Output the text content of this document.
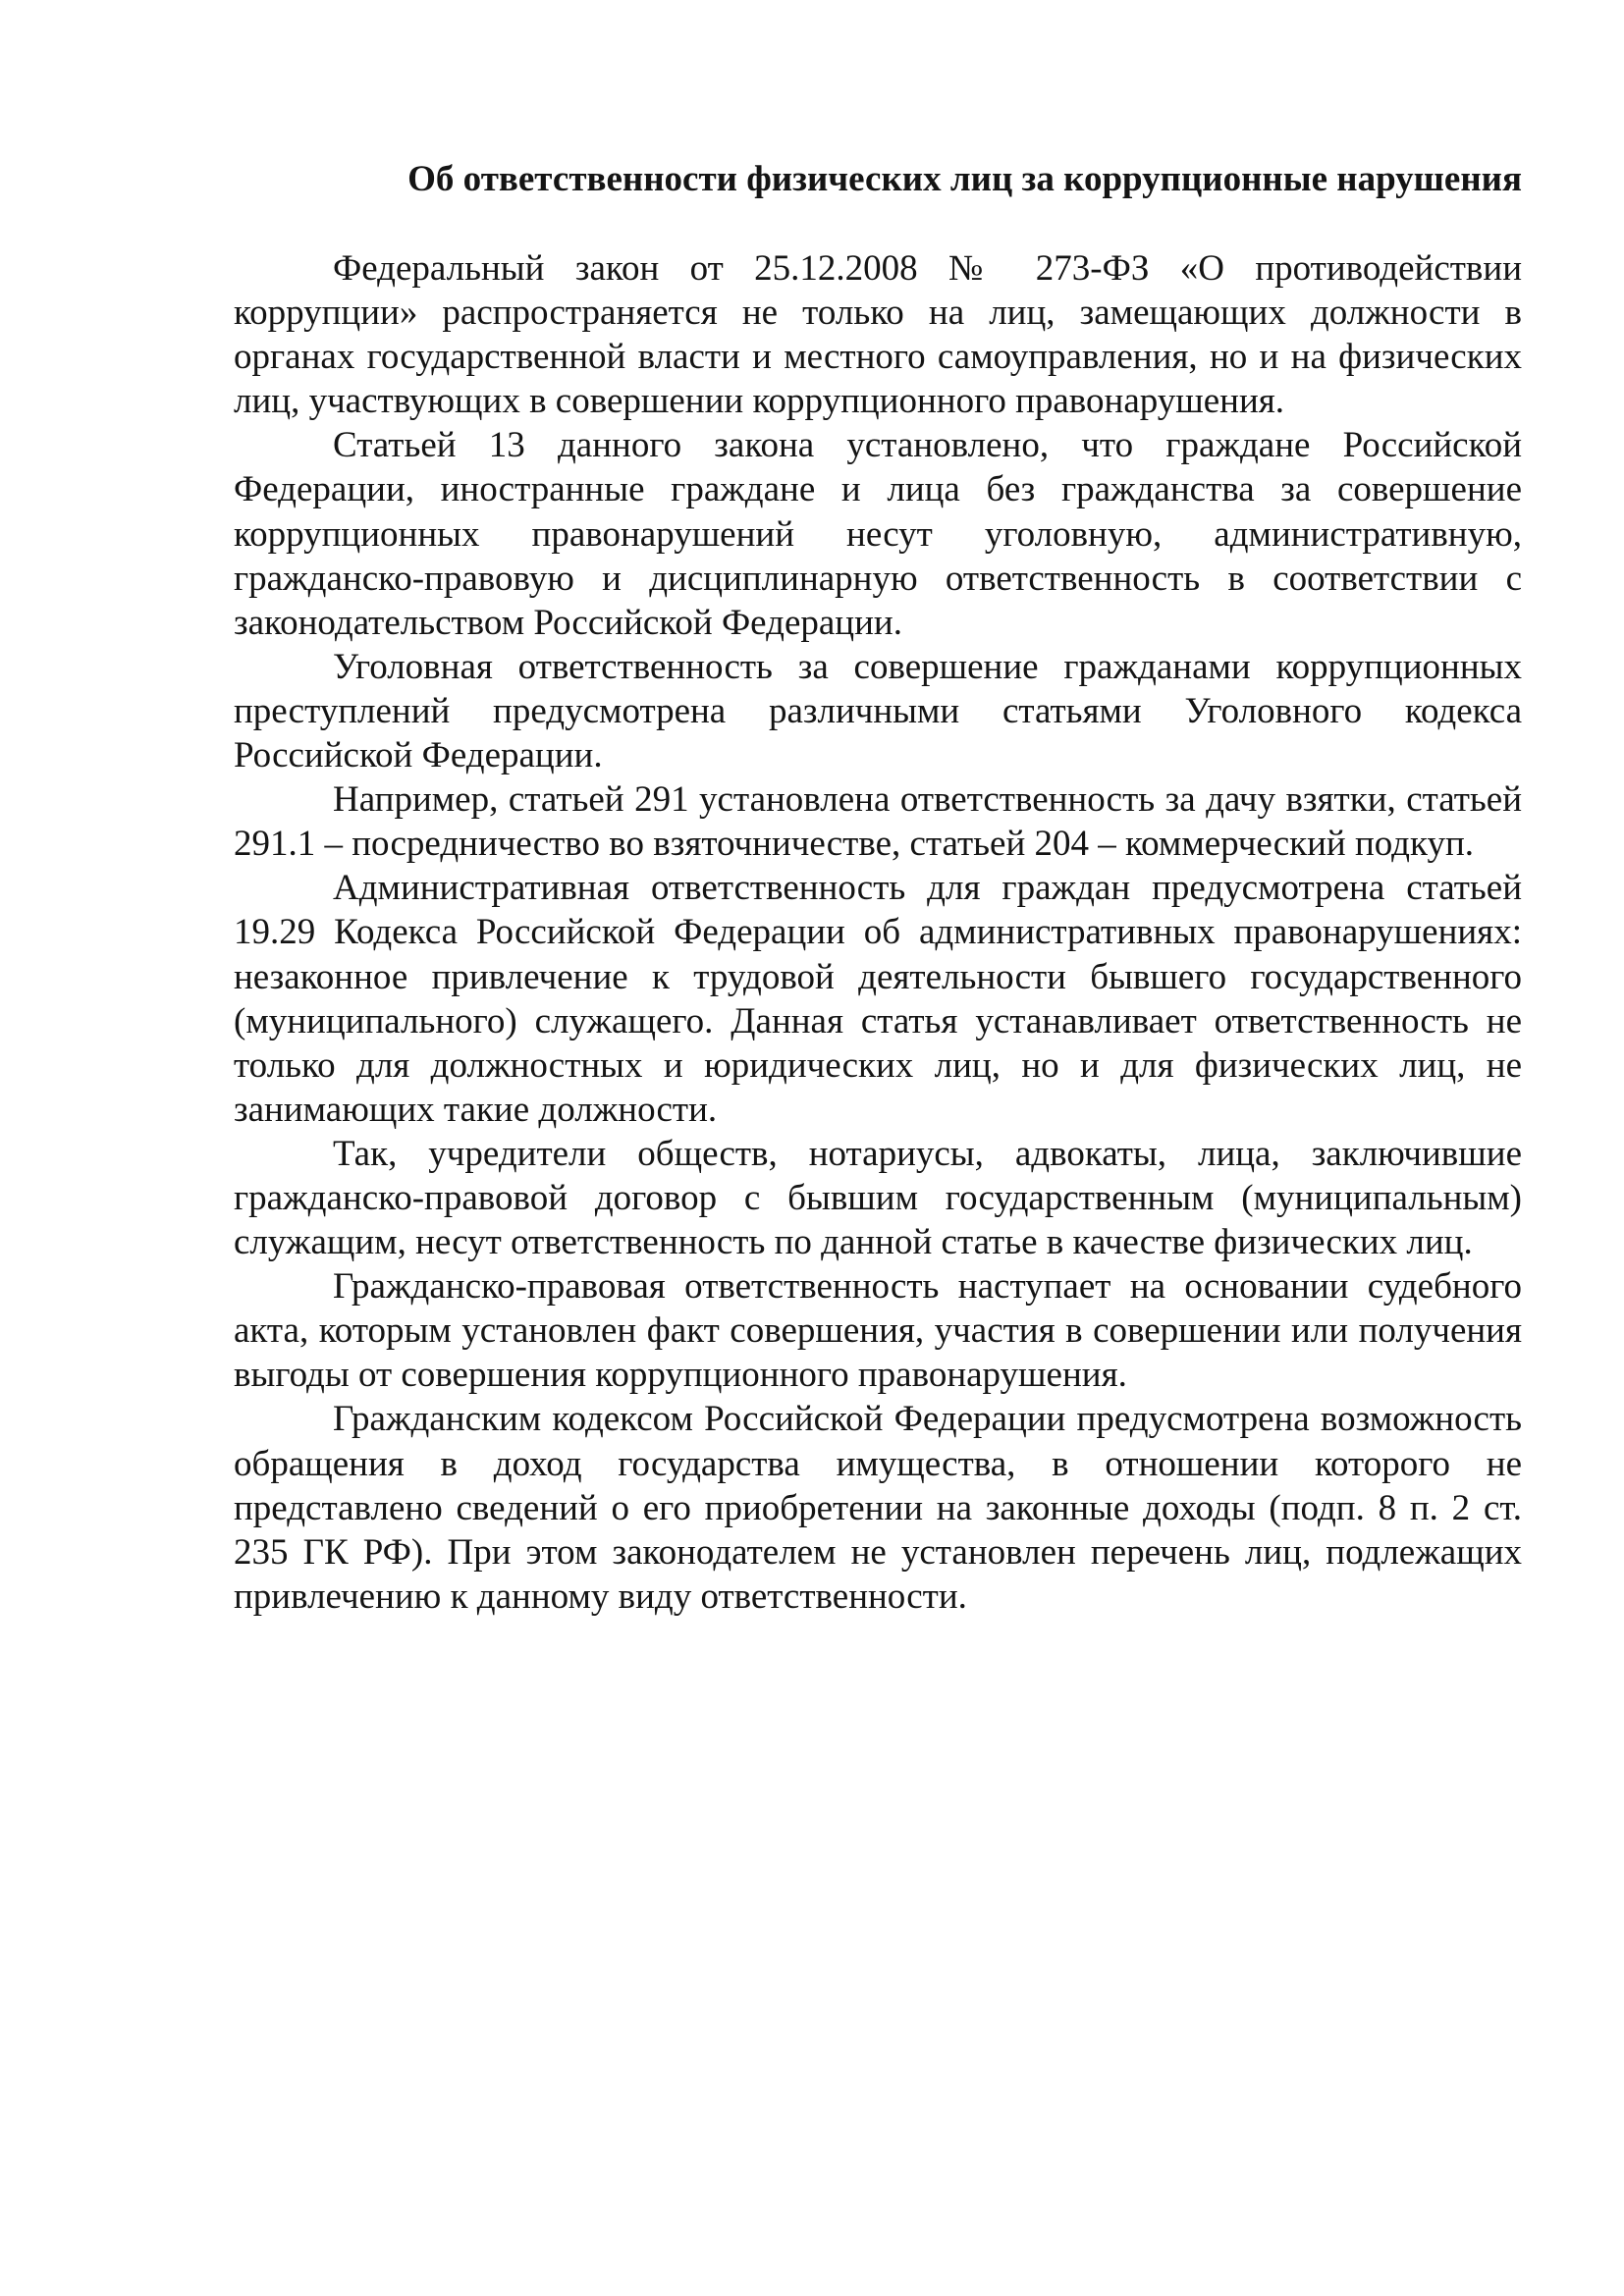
Об ответственности физических лиц за коррупционные нарушения

Федеральный закон от 25.12.2008 № 273-ФЗ «О противодействии коррупции» распространяется не только на лиц, замещающих должности в органах государственной власти и местного самоуправления, но и на физических лиц, участвующих в совершении коррупционного правонарушения.

Статьей 13 данного закона установлено, что граждане Российской Федерации, иностранные граждане и лица без гражданства за совершение коррупционных правонарушений несут уголовную, административную, гражданско-правовую и дисциплинарную ответственность в соответствии с законодательством Российской Федерации.

Уголовная ответственность за совершение гражданами коррупционных преступлений предусмотрена различными статьями Уголовного кодекса Российской Федерации.

Например, статьей 291 установлена ответственность за дачу взятки, статьей 291.1 – посредничество во взяточничестве, статьей 204 – коммерческий подкуп.

Административная ответственность для граждан предусмотрена статьей 19.29 Кодекса Российской Федерации об административных правонарушениях: незаконное привлечение к трудовой деятельности бывшего государственного (муниципального) служащего. Данная статья устанавливает ответственность не только для должностных и юридических лиц, но и для физических лиц, не занимающих такие должности.

Так, учредители обществ, нотариусы, адвокаты, лица, заключившие гражданско-правовой договор с бывшим государственным (муниципальным) служащим, несут ответственность по данной статье в качестве физических лиц.

Гражданско-правовая ответственность наступает на основании судебного акта, которым установлен факт совершения, участия в совершении или получения выгоды от совершения коррупционного правонарушения.

Гражданским кодексом Российской Федерации предусмотрена возможность обращения в доход государства имущества, в отношении которого не представлено сведений о его приобретении на законные доходы (подп. 8 п. 2 ст. 235 ГК РФ). При этом законодателем не установлен перечень лиц, подлежащих привлечению к данному виду ответственности.
